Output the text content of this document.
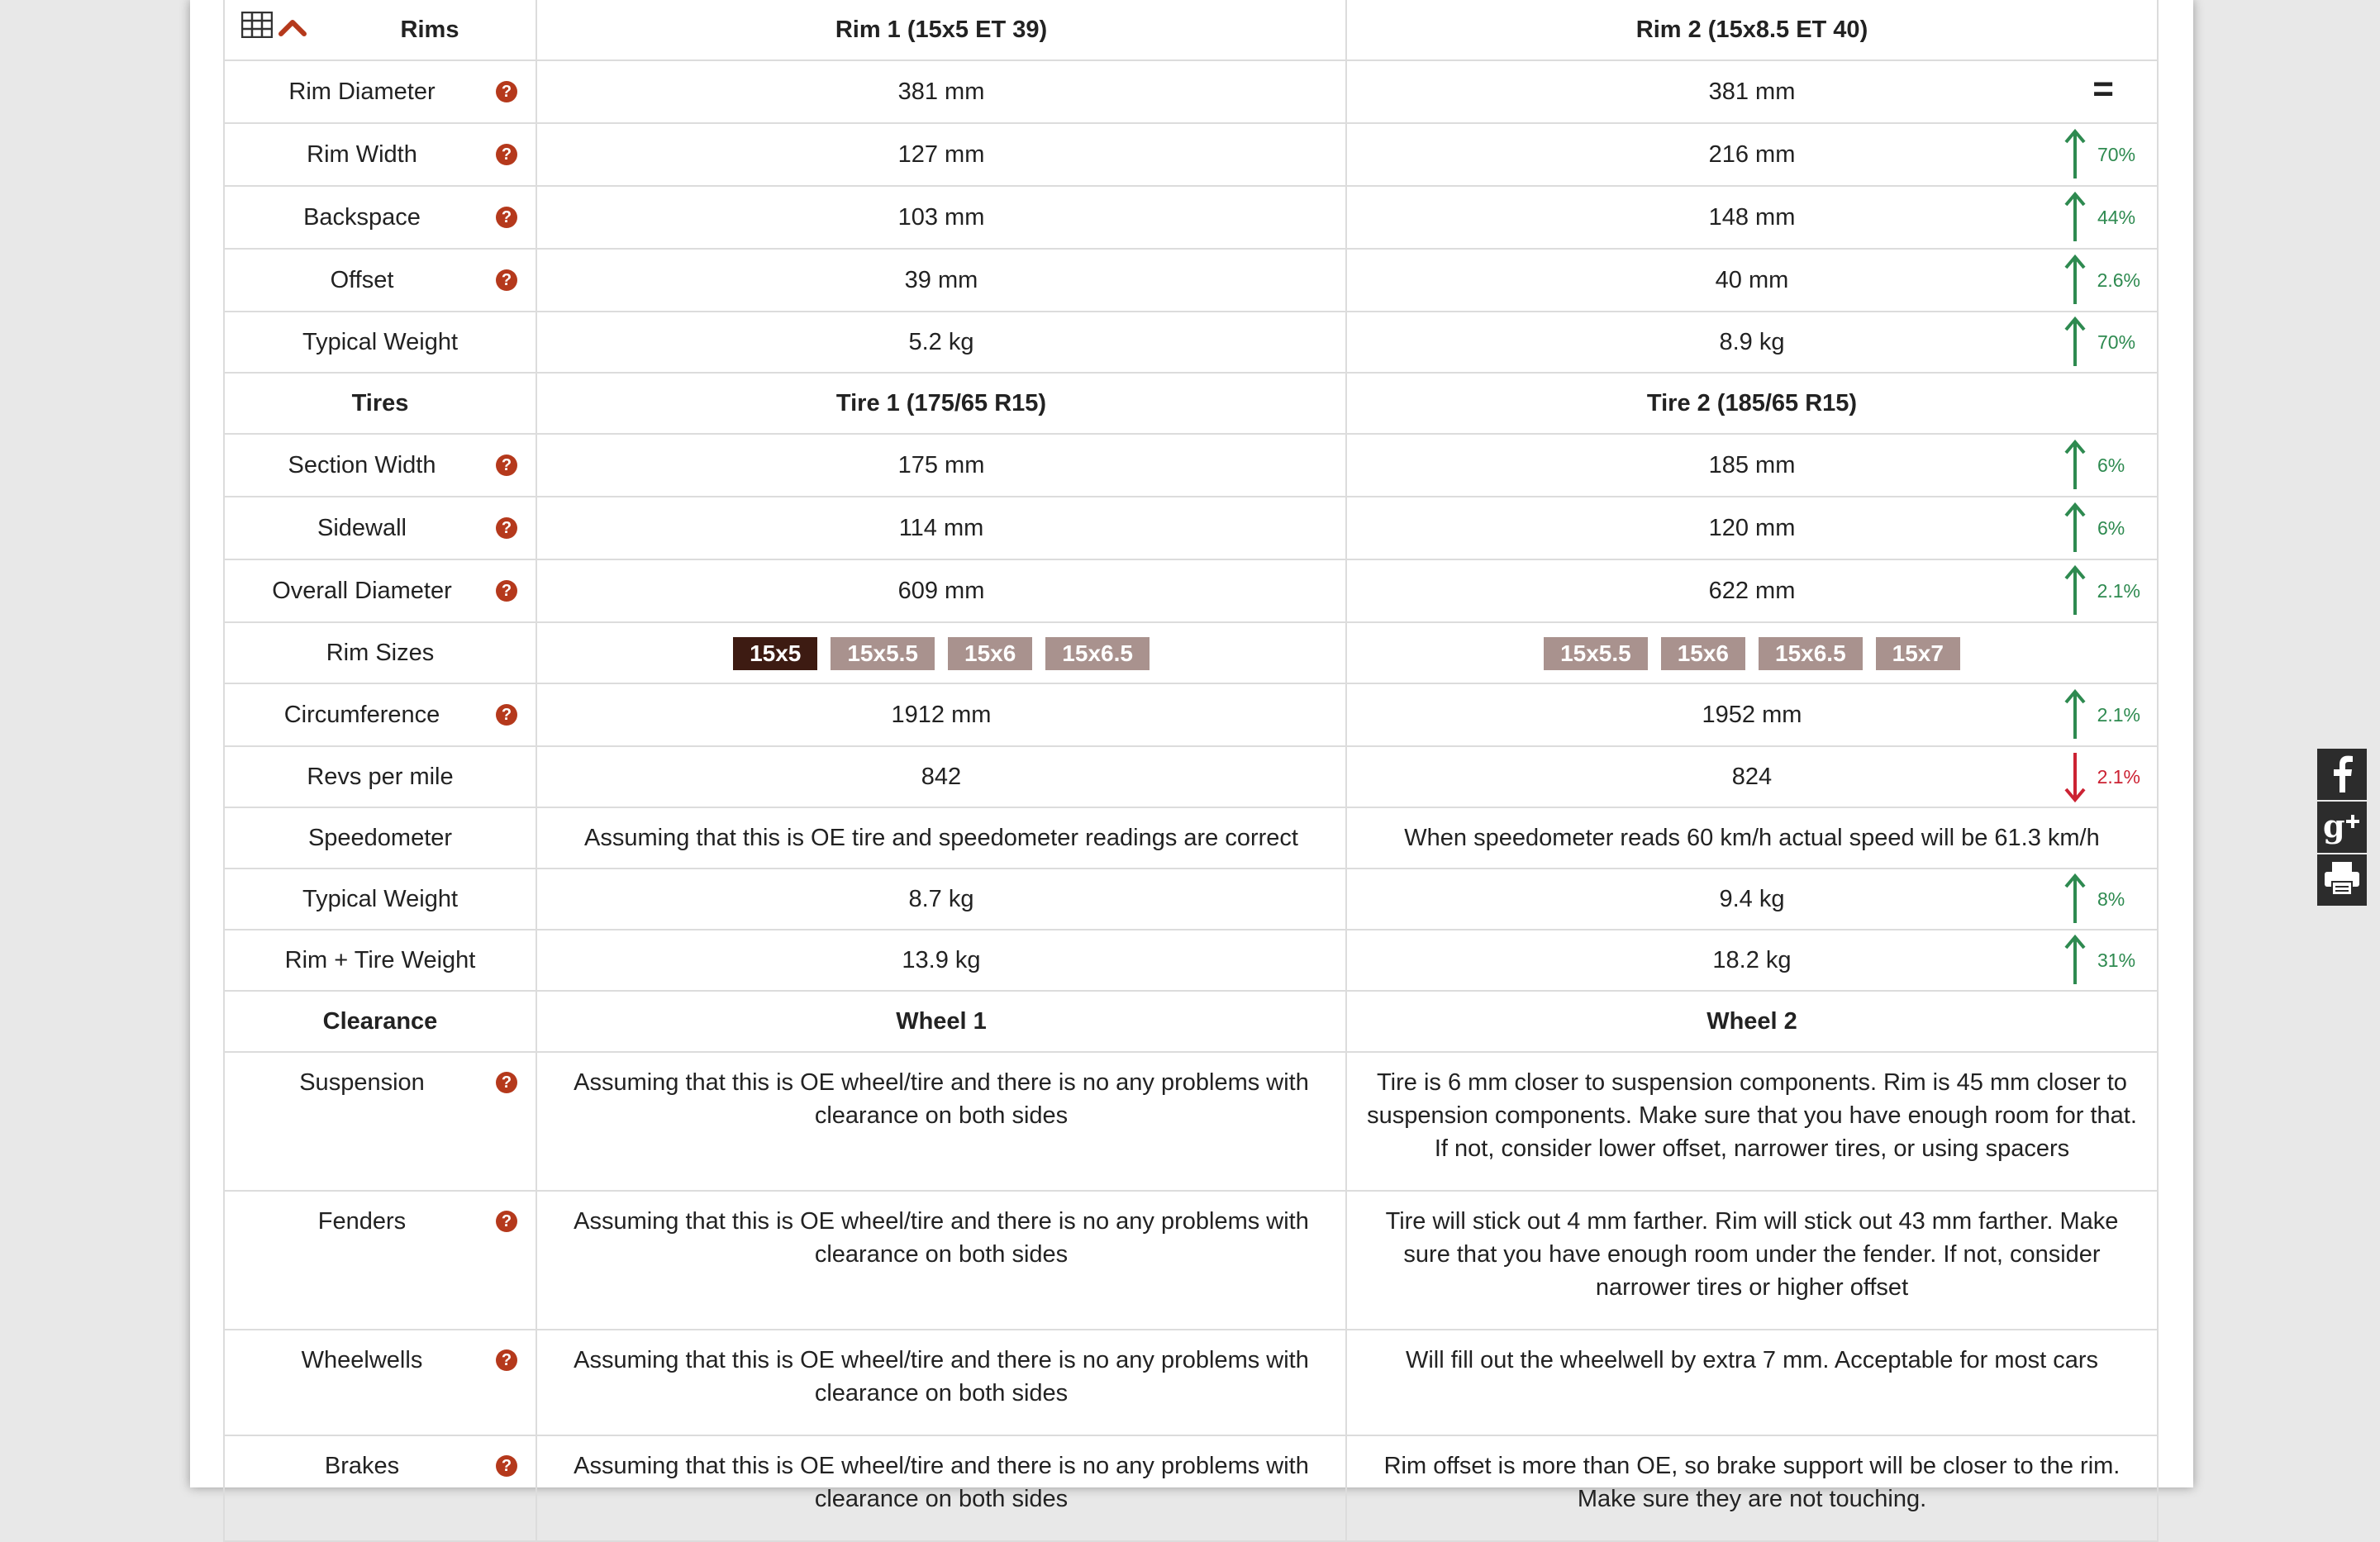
Rims	Rim 1 (15x5 ET 39)	Rim 2 (15x8.5 ET 40)
Rim Diameter ?	381 mm	381 mm =

Rim Width ?	127 mm	216 mm 70%

Backspace ?	103 mm	148 mm 44%

Offset ?	39 mm	40 mm 2.6%

Typical Weight	5.2 kg	8.9 kg 70%

Tires	Tire 1 (175/65 R15)	Tire 2 (185/65 R15)
Section Width ?	175 mm	185 mm 6%

Sidewall ?	114 mm	120 mm 6%

Overall Diameter ?	609 mm	622 mm 2.1%

Rim Sizes	15x5 15x5.5 15x6 15x6.5	15x5.5 15x6 15x6.5 15x7
Circumference ?	1912 mm	1952 mm 2.1%

Revs per mile	842	824 2.1%

Speedometer	Assuming that this is OE tire and speedometer readings are correct	When speedometer reads 60 km/h actual speed will be 61.3 km/h
Typical Weight	8.7 kg	9.4 kg 8%

Rim + Tire Weight	13.9 kg	18.2 kg 31%

Clearance	Wheel 1	Wheel 2
Suspension ?	Assuming that this is OE wheel/tire and there is no any problems with clearance on both sides	Tire is 6 mm closer to suspension components. Rim is 45 mm closer to suspension components. Make sure that you have enough room for that. If not, consider lower offset, narrower tires, or using spacers
Fenders ?	Assuming that this is OE wheel/tire and there is no any problems with clearance on both sides	Tire will stick out 4 mm farther. Rim will stick out 43 mm farther. Make sure that you have enough room under the fender. If not, consider narrower tires or higher offset
Wheelwells ?	Assuming that this is OE wheel/tire and there is no any problems with clearance on both sides	Will fill out the wheelwell by extra 7 mm. Acceptable for most cars
Brakes ?	Assuming that this is OE wheel/tire and there is no any problems with clearance on both sides	Rim offset is more than OE, so brake support will be closer to the rim. Make sure they are not touching.
g
